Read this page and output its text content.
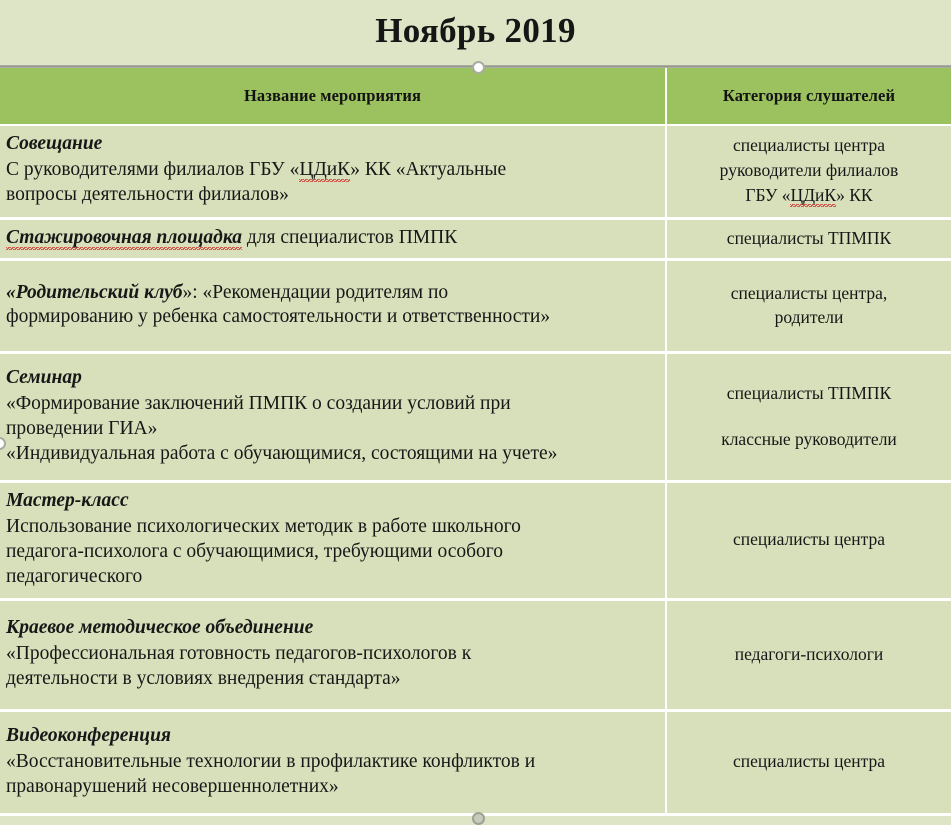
Ноябрь 2019
Название мероприятия	Категория слушателей

Совещание
С руководителями филиалов ГБУ «ЦДиК» КК «Актуальные
вопросы деятельности филиалов»	специалисты центра
руководители филиалов
ГБУ «ЦДиК» КК

Стажировочная площадка для специалистов ПМПК	специалисты ТПМПК

«Родительский клуб»: «Рекомендации родителям по
формированию у ребенка самостоятельности и ответственности»	специалисты центра,
родители

Семинар
«Формирование заключений ПМПК о создании условий при
проведении ГИА»
«Индивидуальная работа с обучающимися, состоящими на учете»	специалисты ТПМПК
классные руководители

Мастер-класс
Использование психологических методик в работе школьного
педагога-психолога с обучающимися, требующими особого
педагогического	специалисты центра

Краевое методическое объединение
«Профессиональная готовность педагогов-психологов к
деятельности в условиях внедрения стандарта»	педагоги-психологи

Видеоконференция
«Восстановительные технологии в профилактике конфликтов и
правонарушений несовершеннолетних»	специалисты центра
